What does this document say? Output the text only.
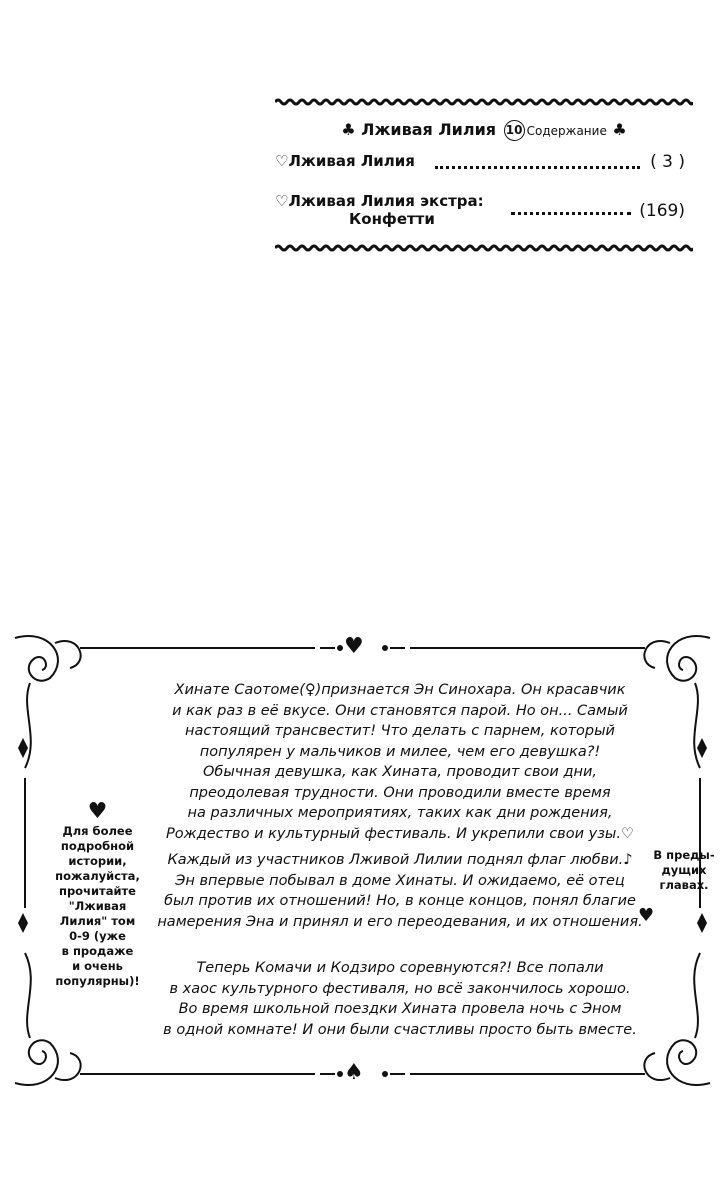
♣ Лживая Лилия 10 Содержание ♣
♡Лживая Лилия	( 3 )
♡Лживая Лилия экстра:
Конфетти	(169)
♥
♠
Хинате Саотоме(♀)признается Эн Синохара. Он красавчик
и как раз в её вкусе. Они становятся парой. Но он... Самый
настоящий трансвестит! Что делать с парнем, который
популярен у мальчиков и милее, чем его девушка?!
Обычная девушка, как Хината, проводит свои дни,
преодолевая трудности. Они проводили вместе время
на различных мероприятиях, таких как дни рождения,
Рождество и культурный фестиваль. И укрепили свои узы.♡
Каждый из участников Лживой Лилии поднял флаг любви.♪
Эн впервые побывал в доме Хинаты. И ожидаемо, её отец
был против их отношений! Но, в конце концов, понял благие
намерения Эна и принял и его переодевания, и их отношения.
♥
Теперь Комачи и Кодзиро соревнуются?! Все попали
в хаос культурного фестиваля, но всё закончилось хорошо.
Во время школьной поездки Хината провела ночь с Эном
в одной комнате! И они были счастливы просто быть вместе.
♥
Для более
подробной
истории,
пожалуйста,
прочитайте
"Лживая
Лилия" том
0-9 (уже
в продаже
и очень
популярны)!
В преды-
дущих
главах.
